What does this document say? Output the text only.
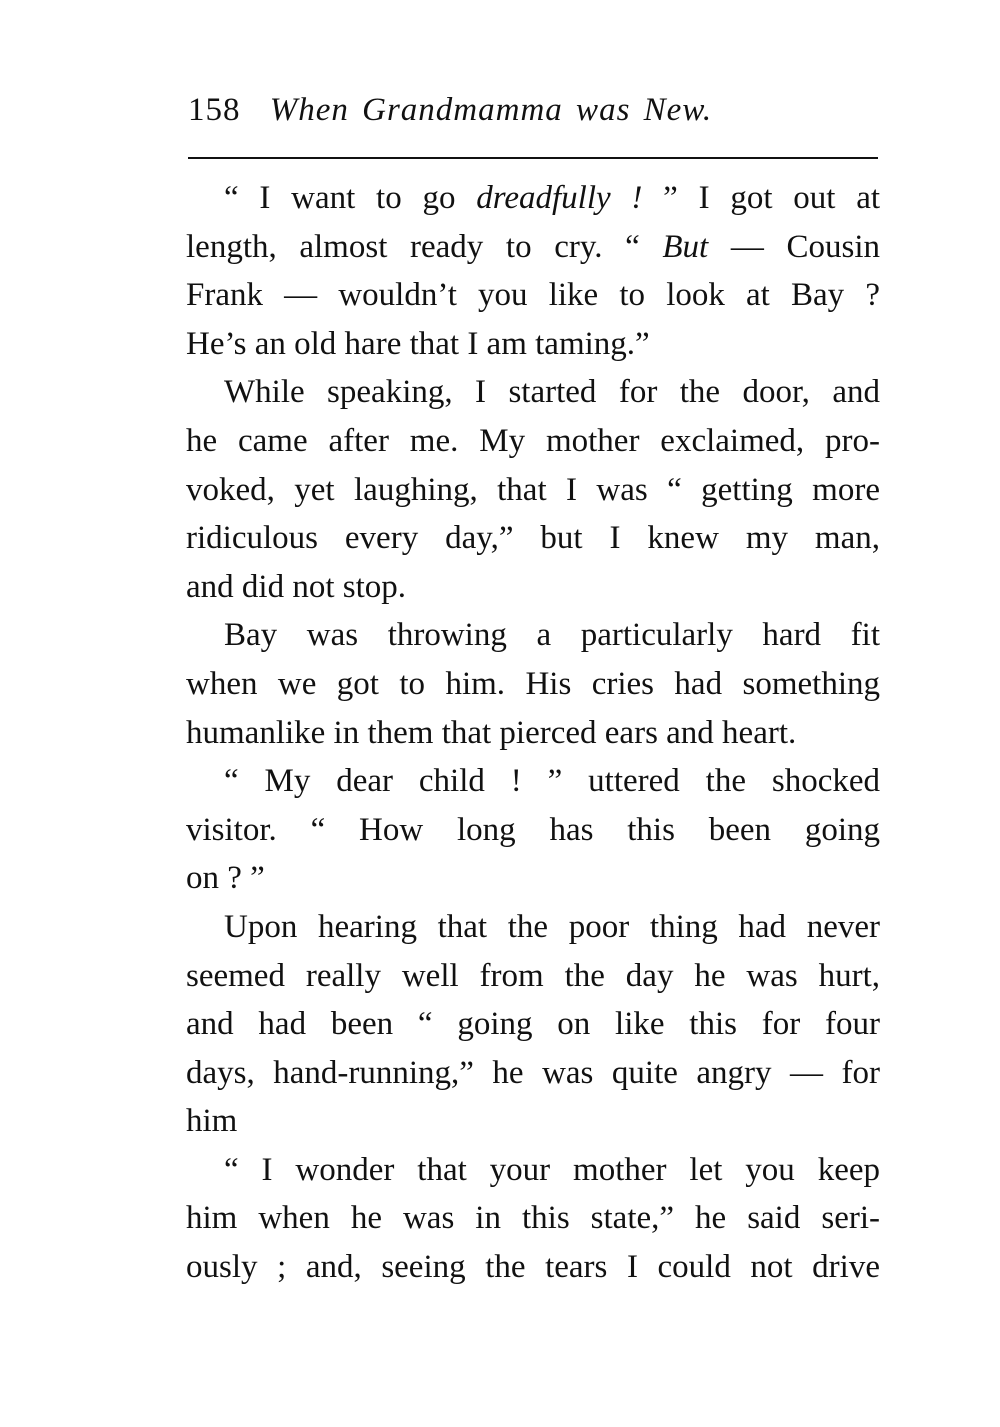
158 When Grandmamma was New.
“ I want to go dreadfully ! ” I got out at
length, almost ready to cry. “ But — Cousin
Frank — wouldn’t you like to look at Bay ?
He’s an old hare that I am taming.”
While speaking, I started for the door, and
he came after me. My mother exclaimed, pro-
voked, yet laughing, that I was “ getting more
ridiculous every day,” but I knew my man,
and did not stop.
Bay was throwing a particularly hard fit
when we got to him. His cries had something
humanlike in them that pierced ears and heart.
“ My dear child ! ” uttered the shocked
visitor. “ How long has this been going
on ? ”
Upon hearing that the poor thing had never
seemed really well from the day he was hurt,
and had been “ going on like this for four
days, hand-running,” he was quite angry — for
him
“ I wonder that your mother let you keep
him when he was in this state,” he said seri-
ously ; and, seeing the tears I could not drive
